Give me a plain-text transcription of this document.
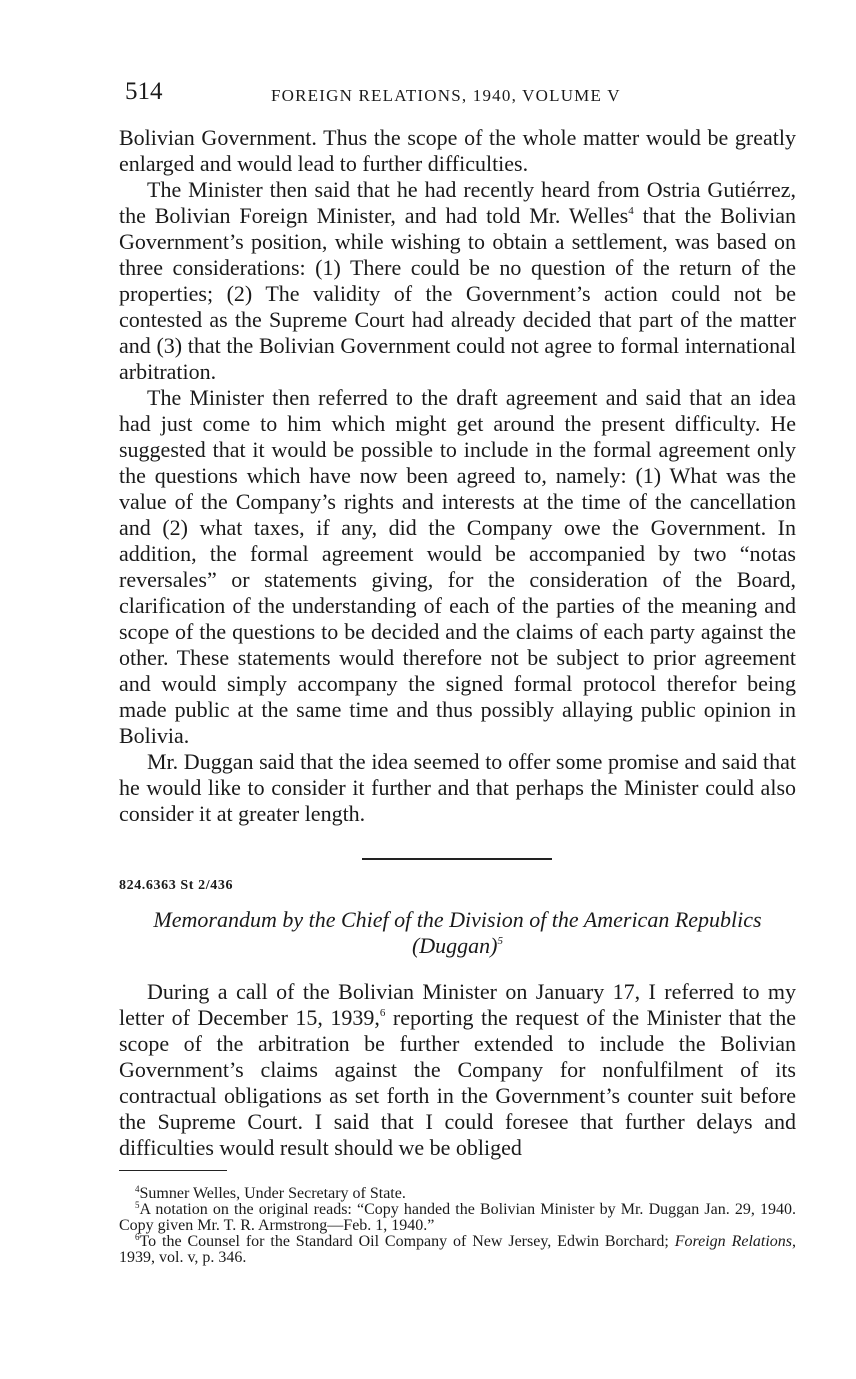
514	FOREIGN RELATIONS, 1940, VOLUME V

Bolivian Government. Thus the scope of the whole matter would be greatly enlarged and would lead to further difficulties.

The Minister then said that he had recently heard from Ostria Gutiérrez, the Bolivian Foreign Minister, and had told Mr. Welles$^4$ that the Bolivian Government’s position, while wishing to obtain a settlement, was based on three considerations: (1) There could be no question of the return of the properties; (2) The validity of the Government’s action could not be contested as the Supreme Court had already decided that part of the matter and (3) that the Bolivian Government could not agree to formal international arbitration.

The Minister then referred to the draft agreement and said that an idea had just come to him which might get around the present difficulty. He suggested that it would be possible to include in the formal agreement only the questions which have now been agreed to, namely: (1) What was the value of the Company’s rights and interests at the time of the cancellation and (2) what taxes, if any, did the Company owe the Government. In addition, the formal agreement would be accompanied by two “notas reversales” or statements giving, for the consideration of the Board, clarification of the understanding of each of the parties of the meaning and scope of the questions to be decided and the claims of each party against the other. These statements would therefore not be subject to prior agreement and would simply accompany the signed formal protocol therefor being made public at the same time and thus possibly allaying public opinion in Bolivia.

Mr. Duggan said that the idea seemed to offer some promise and said that he would like to consider it further and that perhaps the Minister could also consider it at greater length.

824.6363 St 2/436
Memorandum by the Chief of the Division of the American Republics
(Duggan)$^5$

During a call of the Bolivian Minister on January 17, I referred to my letter of December 15, 1939,$^6$ reporting the request of the Minister that the scope of the arbitration be further extended to include the Bolivian Government’s claims against the Company for nonfulfilment of its contractual obligations as set forth in the Government’s counter suit before the Supreme Court. I said that I could foresee that further delays and difficulties would result should we be obliged

$^4$Sumner Welles, Under Secretary of State.

$^5$A notation on the original reads: “Copy handed the Bolivian Minister by Mr. Duggan Jan. 29, 1940. Copy given Mr. T. R. Armstrong—Feb. 1, 1940.”

$^6$To the Counsel for the Standard Oil Company of New Jersey, Edwin Borchard; Foreign Relations, 1939, vol. v, p. 346.
